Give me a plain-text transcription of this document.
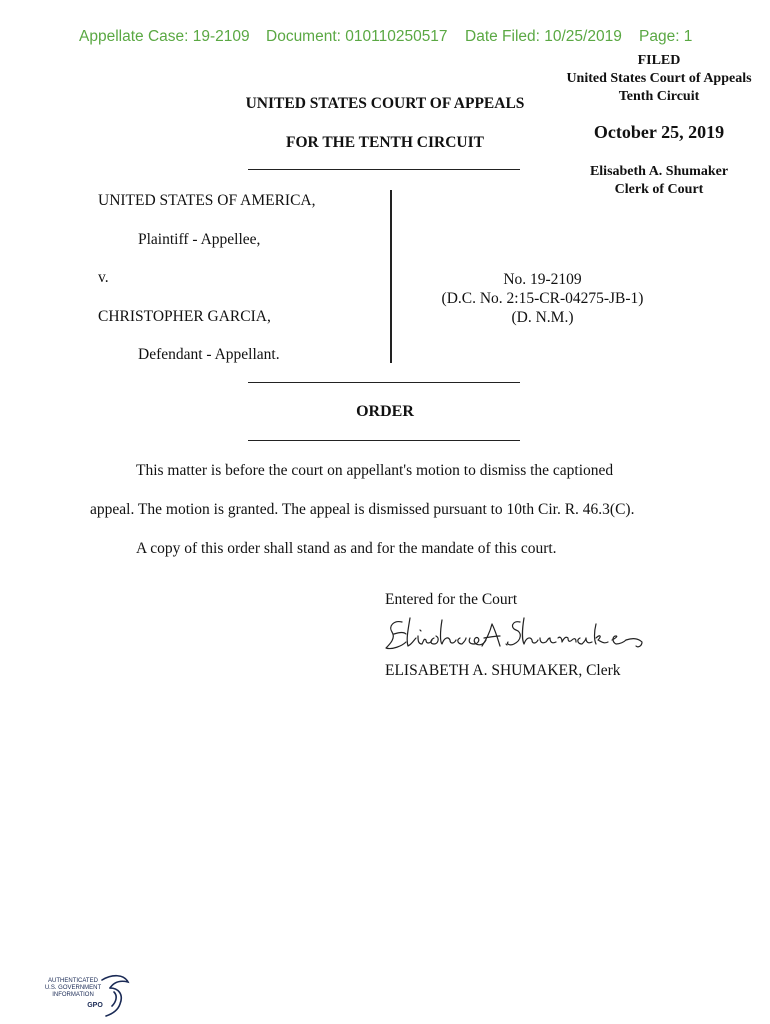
Appellate Case: 19-2109 Document: 010110250517 Date Filed: 10/25/2019 Page: 1
FILED
United States Court of Appeals
Tenth Circuit
October 25, 2019
Elisabeth A. Shumaker
Clerk of Court
UNITED STATES COURT OF APPEALS
FOR THE TENTH CIRCUIT
UNITED STATES OF AMERICA,
Plaintiff - Appellee,
v.
CHRISTOPHER GARCIA,
Defendant - Appellant.
No. 19-2109
(D.C. No. 2:15-CR-04275-JB-1)
(D. N.M.)
ORDER
This matter is before the court on appellant's motion to dismiss the captioned
appeal. The motion is granted. The appeal is dismissed pursuant to 10th Cir. R. 46.3(C).
A copy of this order shall stand as and for the mandate of this court.
Entered for the Court
Elisabeth A. Shumaker
ELISABETH A. SHUMAKER, Clerk
AUTHENTICATED
U.S. GOVERNMENT
INFORMATION
GPO
